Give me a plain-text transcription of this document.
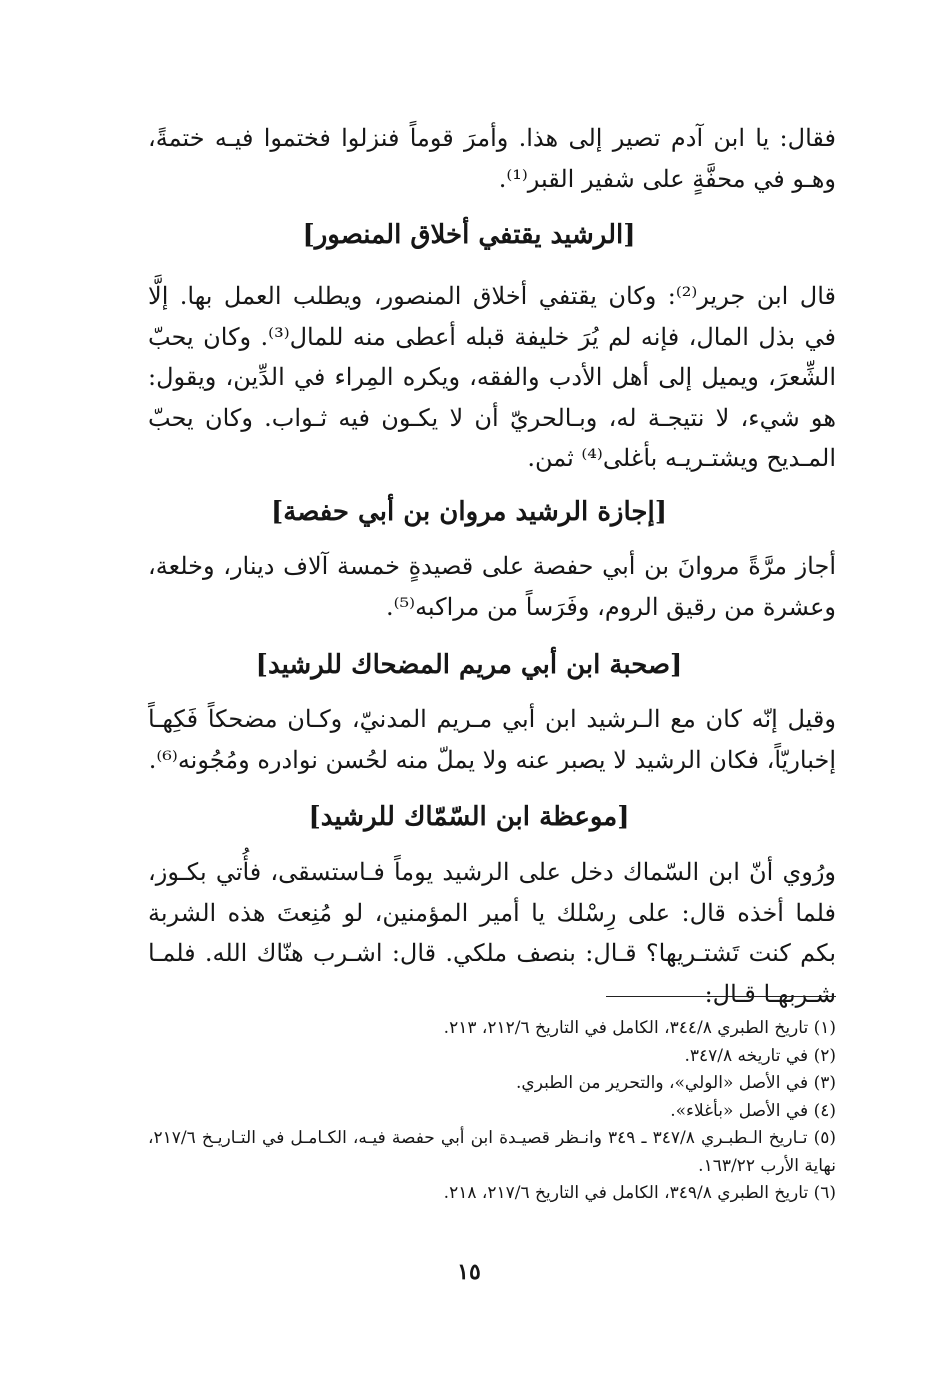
فقال: يا ابن آدم تصير إلى هذا. وأمرَ قوماً فنزلوا فختموا فيـه ختمةً، وهـو في محفَّةٍ على شفير القبر⁽¹⁾.

[الرشيد يقتفي أخلاق المنصور]

قال ابن جرير⁽²⁾: وكان يقتفي أخلاق المنصور، ويطلب العمل بها. إلَّا في بذل المال، فإنه لم يُرَ خليفة قبله أعطى منه للمال⁽³⁾. وكان يحبّ الشِّعرَ، ويميل إلى أهل الأدب والفقه، ويكره المِراء في الدِّين، ويقول: هو شيء، لا نتيجـة له، وبـالحريّ أن لا يكـون فيه ثـواب. وكان يحبّ المـديح ويشتـريـه بأغلى⁽⁴⁾ ثمن.

[إجازة الرشيد مروان بن أبي حفصة]

أجاز مرَّةً مروانَ بن أبي حفصة على قصيدةٍ خمسة آلاف دينار، وخلعة، وعشرة من رقيق الروم، وفَرَساً من مراكبه⁽⁵⁾.

[صحبة ابن أبي مريم المضحاك للرشيد]

وقيل إنّه كان مع الـرشيد ابن أبي مـريم المدنيّ، وكـان مضحكاً فَكِهـاً إخباريّاً، فكان الرشيد لا يصبر عنه ولا يملّ منه لحُسن نوادره ومُجُونه⁽⁶⁾.

[موعظة ابن السّمّاك للرشيد]

ورُوي أنّ ابن السّماك دخل على الرشيد يوماً فـاستسقى، فأُتي بكـوز، فلما أخذه قال: على رِسْلك يا أمير المؤمنين، لو مُنِعتَ هذه الشربة بكم كنت تَشتـريها؟ قـال: بنصف ملكي. قال: اشـرب هنّاك الله. فلمـا شـربهـا قـال:

(١) تاريخ الطبري ٣٤٤/٨، الكامل في التاريخ ٢١٢/٦، ٢١٣.
(٢) في تاريخه ٣٤٧/٨.
(٣) في الأصل «الولي»، والتحرير من الطبري.
(٤) في الأصل «بأغلاء».
(٥) تـاريخ الـطبـري ٣٤٧/٨ ـ ٣٤٩ وانـظر قصيـدة ابن أبي حفصة فيـه، الكـامـل في التـاريـخ ٢١٧/٦، نهاية الأرب ١٦٣/٢٢.
(٦) تاريخ الطبري ٣٤٩/٨، الكامل في التاريخ ٢١٧/٦، ٢١٨.
١٥
